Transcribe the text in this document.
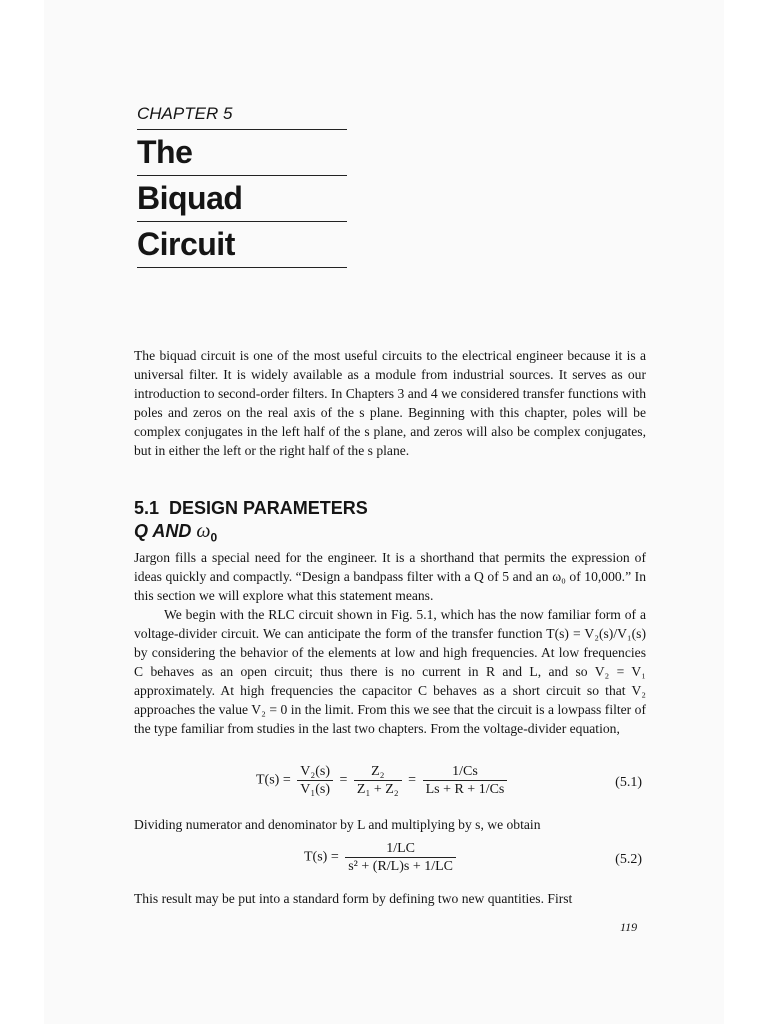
CHAPTER 5
The
Biquad
Circuit

The biquad circuit is one of the most useful circuits to the electrical engineer because it is a universal filter. It is widely available as a module from industrial sources. It serves as our introduction to second-order filters. In Chapters 3 and 4 we considered transfer functions with poles and zeros on the real axis of the s plane. Beginning with this chapter, poles will be complex conjugates in the left half of the s plane, and zeros will also be complex conjugates, but in either the left or the right half of the s plane.

5.1 DESIGN PARAMETERS
Q AND $\omega_0$

Jargon fills a special need for the engineer. It is a shorthand that permits the expression of ideas quickly and compactly. “Design a bandpass filter with a Q of 5 and an ω₀ of 10,000.” In this section we will explore what this statement means.

We begin with the RLC circuit shown in Fig. 5.1, which has the now familiar form of a voltage-divider circuit. We can anticipate the form of the transfer function T(s) = V₂(s)/V₁(s) by considering the behavior of the elements at low and high frequencies. At low frequencies C behaves as an open circuit; thus there is no current in R and L, and so V₂ = V₁ approximately. At high frequencies the capacitor C behaves as a short circuit so that V₂ approaches the value V₂ = 0 in the limit. From this we see that the circuit is a lowpass filter of the type familiar from studies in the last two chapters. From the voltage-divider equation,

$T(s) = \frac{\text{V₂(s)}}{\text{V₁(s)}} = \frac{\text{Z₂}}{\text{Z₁ + Z₂}} = \frac{1/Cs}{Ls + R + 1/Cs}$	(5.1)

Dividing numerator and denominator by L and multiplying by s, we obtain

$T(s) = \frac{1/LC}{\text{s² + (R/L)s + 1/LC}}$	(5.2)

This result may be put into a standard form by defining two new quantities. First

119
